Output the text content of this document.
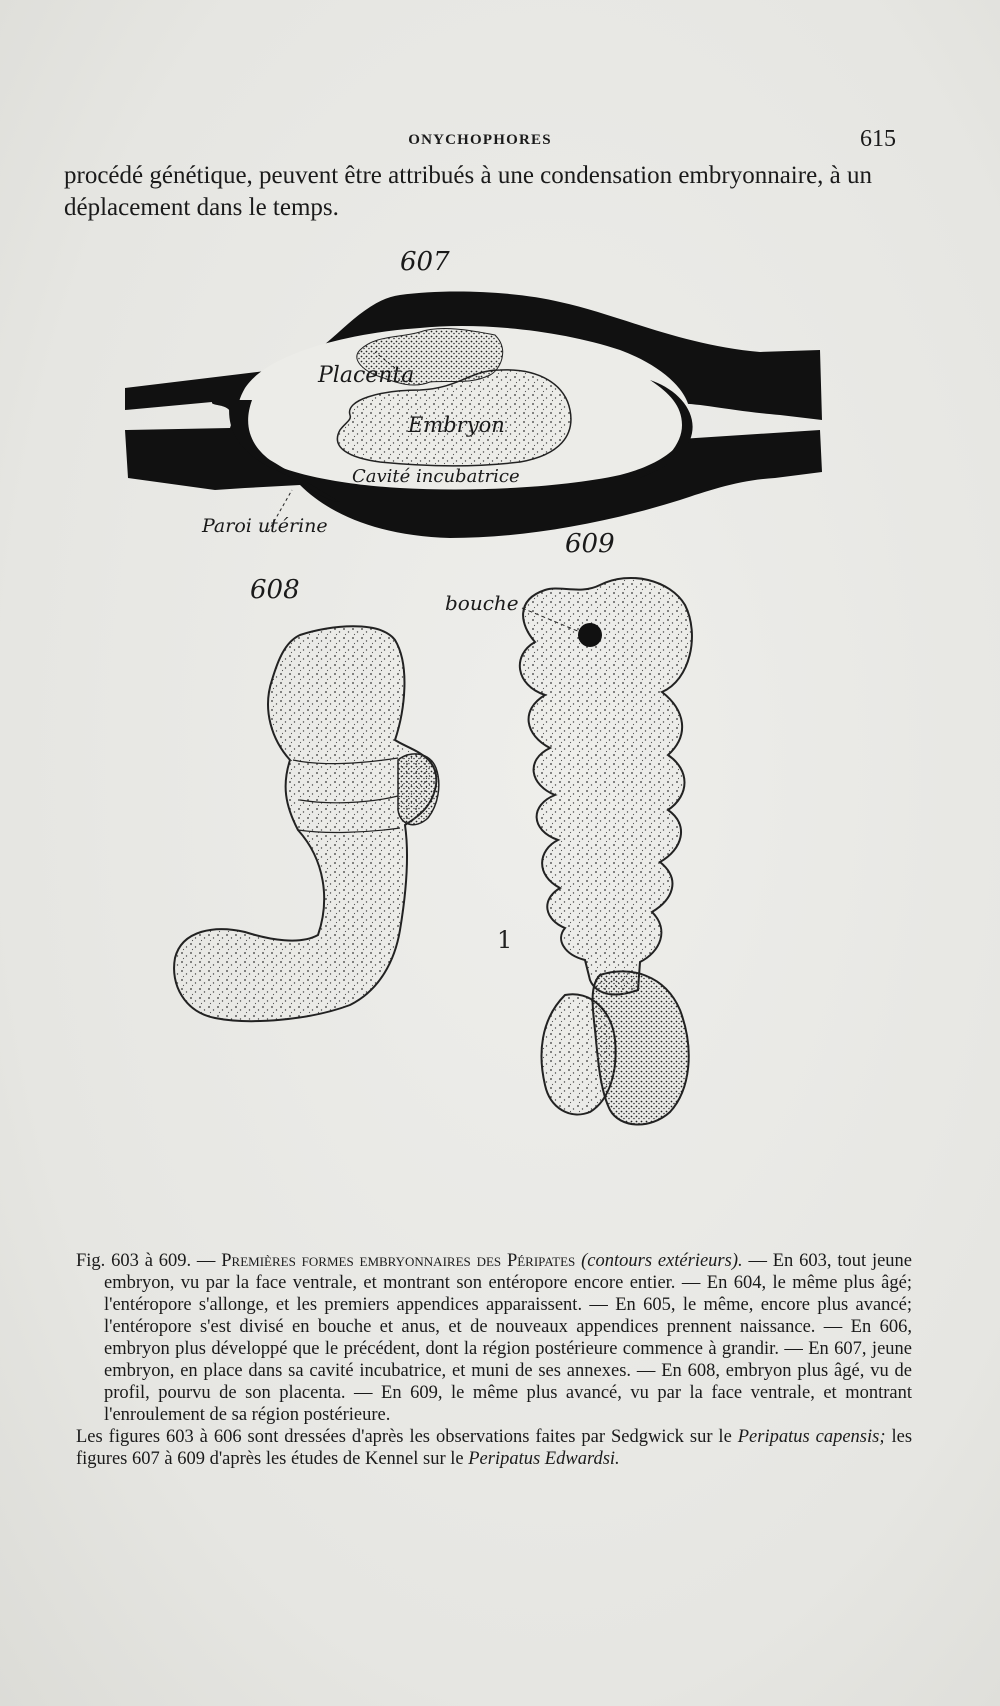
ONYCHOPHORES	615

procédé génétique, peuvent être attribués à une condensation embryonnaire, à un déplacement dans le temps.

607
Placenta
Embryon
Cavité incubatrice
Paroi utérine
608
1
609
bouche

Fig. 603 à 609. — Premières formes embryonnaires des Péripates (contours extérieurs). — En 603, tout jeune embryon, vu par la face ventrale, et montrant son entéropore encore entier. — En 604, le même plus âgé; l'entéropore s'allonge, et les premiers appendices apparaissent. — En 605, le même, encore plus avancé; l'entéropore s'est divisé en bouche et anus, et de nouveaux appendices prennent naissance. — En 606, embryon plus développé que le précédent, dont la région postérieure commence à grandir. — En 607, jeune embryon, en place dans sa cavité incubatrice, et muni de ses annexes. — En 608, embryon plus âgé, vu de profil, pourvu de son placenta. — En 609, le même plus avancé, vu par la face ventrale, et montrant l'enroulement de sa région postérieure.

Les figures 603 à 606 sont dressées d'après les observations faites par Sedgwick sur le Peripatus capensis; les figures 607 à 609 d'après les études de Kennel sur le Peripatus Edwardsi.
